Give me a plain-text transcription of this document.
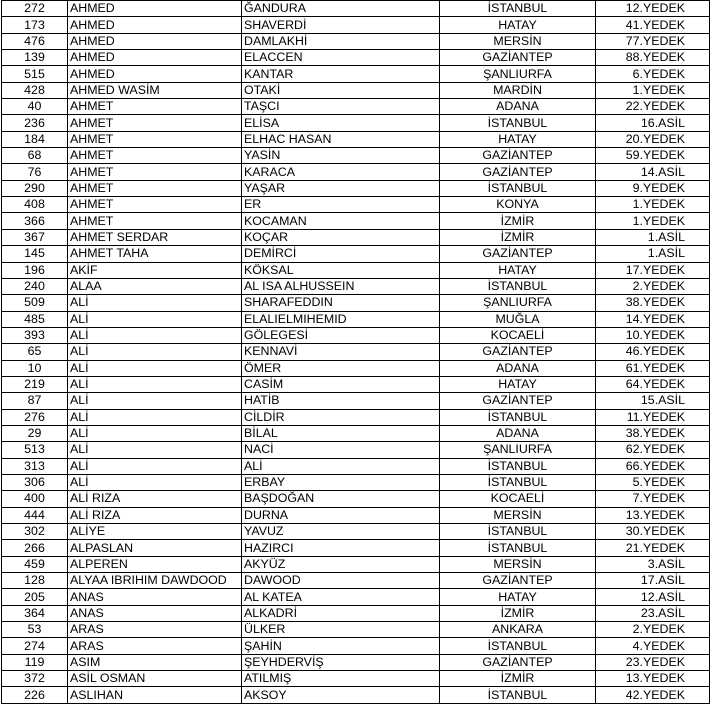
272	AHMED	ĞANDURA	İSTANBUL	12.YEDEK
173	AHMED	SHAVERDİ	HATAY	41.YEDEK
476	AHMED	DAMLAKHİ	MERSİN	77.YEDEK
139	AHMED	ELACCEN	GAZİANTEP	88.YEDEK
515	AHMED	KANTAR	ŞANLIURFA	6.YEDEK
428	AHMED WASİM	OTAKİ	MARDİN	1.YEDEK
40	AHMET	TAŞCI	ADANA	22.YEDEK
236	AHMET	ELİSA	İSTANBUL	16.ASİL
184	AHMET	ELHAC HASAN	HATAY	20.YEDEK
68	AHMET	YASİN	GAZİANTEP	59.YEDEK
76	AHMET	KARACA	GAZİANTEP	14.ASİL
290	AHMET	YAŞAR	İSTANBUL	9.YEDEK
408	AHMET	ER	KONYA	1.YEDEK
366	AHMET	KOCAMAN	İZMİR	1.YEDEK
367	AHMET SERDAR	KOÇAR	İZMİR	1.ASİL
145	AHMET TAHA	DEMİRCİ	GAZİANTEP	1.ASİL
196	AKİF	KÖKSAL	HATAY	17.YEDEK
240	ALAA	AL ISA ALHUSSEIN	İSTANBUL	2.YEDEK
509	ALİ	SHARAFEDDIN	ŞANLIURFA	38.YEDEK
485	ALİ	ELALIELMIHEMID	MUĞLA	14.YEDEK
393	ALİ	GÖLEGESİ	KOCAELİ	10.YEDEK
65	ALİ	KENNAVİ	GAZİANTEP	46.YEDEK
10	ALİ	ÖMER	ADANA	61.YEDEK
219	ALİ	CASİM	HATAY	64.YEDEK
87	ALİ	HATİB	GAZİANTEP	15.ASİL
276	ALİ	CİLDİR	İSTANBUL	11.YEDEK
29	ALİ	BİLAL	ADANA	38.YEDEK
513	ALİ	NACİ	ŞANLIURFA	62.YEDEK
313	ALİ	ALİ	İSTANBUL	66.YEDEK
306	ALİ	ERBAY	İSTANBUL	5.YEDEK
400	ALİ RIZA	BAŞDOĞAN	KOCAELİ	7.YEDEK
444	ALİ RIZA	DURNA	MERSİN	13.YEDEK
302	ALİYE	YAVUZ	İSTANBUL	30.YEDEK
266	ALPASLAN	HAZIRCI	İSTANBUL	21.YEDEK
459	ALPEREN	AKYÜZ	MERSİN	3.ASİL
128	ALYAA IBRIHIM DAWDOOD	DAWOOD	GAZİANTEP	17.ASİL
205	ANAS	AL KATEA	HATAY	12.ASİL
364	ANAS	ALKADRİ	İZMİR	23.ASİL
53	ARAS	ÜLKER	ANKARA	2.YEDEK
274	ARAS	ŞAHİN	İSTANBUL	4.YEDEK
119	ASIM	ŞEYHDERVİŞ	GAZİANTEP	23.YEDEK
372	ASİL OSMAN	ATILMIŞ	İZMİR	13.YEDEK
226	ASLIHAN	AKSOY	İSTANBUL	42.YEDEK
